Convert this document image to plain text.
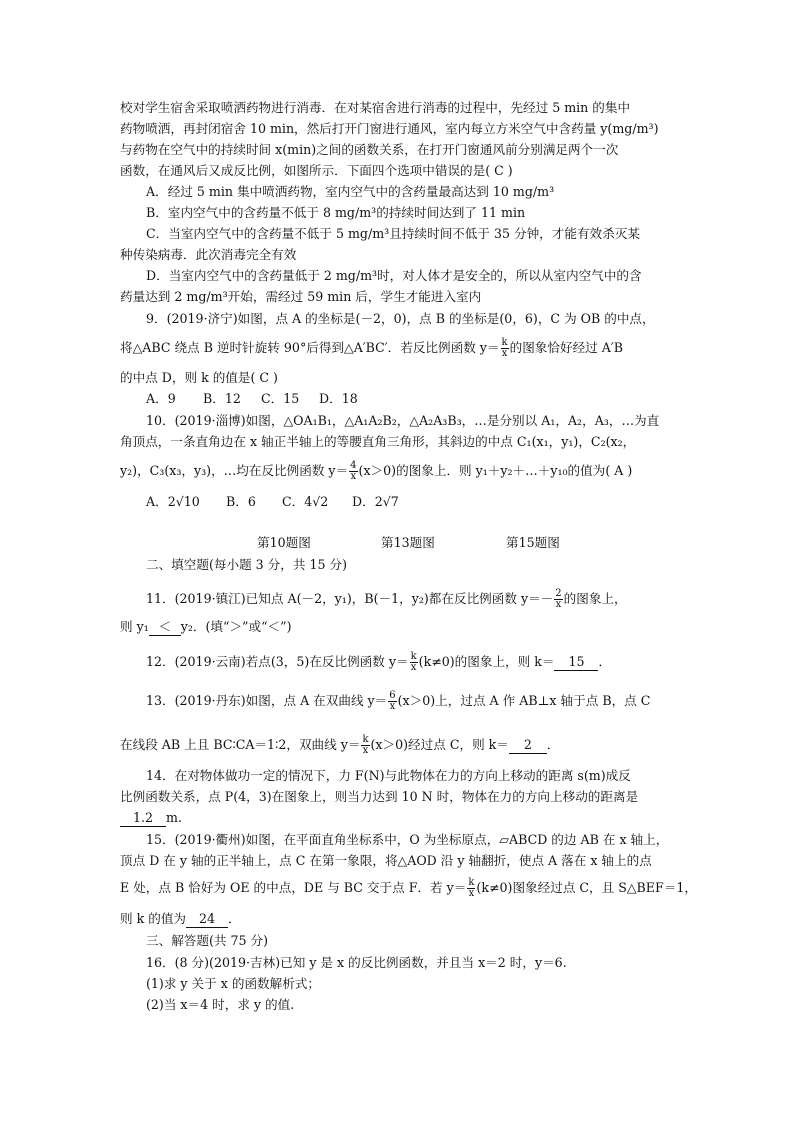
校对学生宿舍采取喷洒药物进行消毒．在对某宿舍进行消毒的过程中，先经过 5 min 的集中
药物喷洒，再封闭宿舍 10 min，然后打开门窗进行通风，室内每立方米空气中含药量 y(mg/m³)
与药物在空气中的持续时间 x(min)之间的函数关系，在打开门窗通风前分别满足两个一次
函数，在通风后又成反比例，如图所示．下面四个选项中错误的是( C )
A．经过 5 min 集中喷洒药物，室内空气中的含药量最高达到 10 mg/m³
B．室内空气中的含药量不低于 8 mg/m³的持续时间达到了 11 min
C．当室内空气中的含药量不低于 5 mg/m³且持续时间不低于 35 分钟，才能有效杀灭某
种传染病毒．此次消毒完全有效
D．当室内空气中的含药量低于 2 mg/m³时，对人体才是安全的，所以从室内空气中的含
药量达到 2 mg/m³开始，需经过 59 min 后，学生才能进入室内
9．(2019·济宁)如图，点 A 的坐标是(－2，0)，点 B 的坐标是(0，6)，C 为 OB 的中点，
将△ABC 绕点 B 逆时针旋转 90°后得到△A′BC′．若反比例函数 $y= \frac{k}{x}$ 的图象恰好经过 A′B
的中点 D，则 k 的值是( C )
A．9 B．12 C．15 D．18
10．(2019·淄博)如图，△OA₁B₁，△A₁A₂B₂，△A₂A₃B₃，…是分别以 A₁，A₂，A₃，…为直
角顶点，一条直角边在 x 轴正半轴上的等腰直角三角形，其斜边的中点 C₁(x₁，y₁)，C₂(x₂，
y₂)，C₃(x₃，y₃)，…均在反比例函数 $y= \frac{4}{x} (x>0)$的图象上．则 y₁＋y₂＋…＋y₁₀的值为( A )
A．2√10 B．6 C．4√2 D．2√7
第10题图	第13题图	第15题图
二、填空题(每小题 3 分，共 15 分)
11．(2019·镇江)已知点 A(－2，y₁)，B(－1，y₂)都在反比例函数 $y=- \frac{2}{x}$ 的图象上，
则 y₁ ＜ y₂．(填“＞”或“＜”)
12．(2019·云南)若点(3，5)在反比例函数 $y= \frac{k}{x} (k\ne 0)$的图象上，则 k＝ 15 ．
13．(2019·丹东)如图，点 A 在双曲线 $y= \frac{6}{x} (x>0)$上，过点 A 作 AB⊥x 轴于点 B，点 C
在线段 AB 上且 BC∶CA＝1∶2，双曲线 $y= \frac{k}{x} (x>0)$经过点 C，则 k＝ 2 ．
14．在对物体做功一定的情况下，力 F(N)与此物体在力的方向上移动的距离 s(m)成反
比例函数关系，点 P(4，3)在图象上，则当力达到 10 N 时，物体在力的方向上移动的距离是
1.2 m.
15．(2019·衢州)如图，在平面直角坐标系中，O 为坐标原点，▱ABCD 的边 AB 在 x 轴上，
顶点 D 在 y 轴的正半轴上，点 C 在第一象限，将△AOD 沿 y 轴翻折，使点 A 落在 x 轴上的点
E 处，点 B 恰好为 OE 的中点，DE 与 BC 交于点 F．若 $y= \frac{k}{x} (k\ne 0)$图象经过点 C，且 S△BEF＝1，
则 k 的值为 24 ．
三、解答题(共 75 分)
16．(8 分)(2019·吉林)已知 y 是 x 的反比例函数，并且当 x＝2 时，y＝6.
(1)求 y 关于 x 的函数解析式；
(2)当 x＝4 时，求 y 的值.
